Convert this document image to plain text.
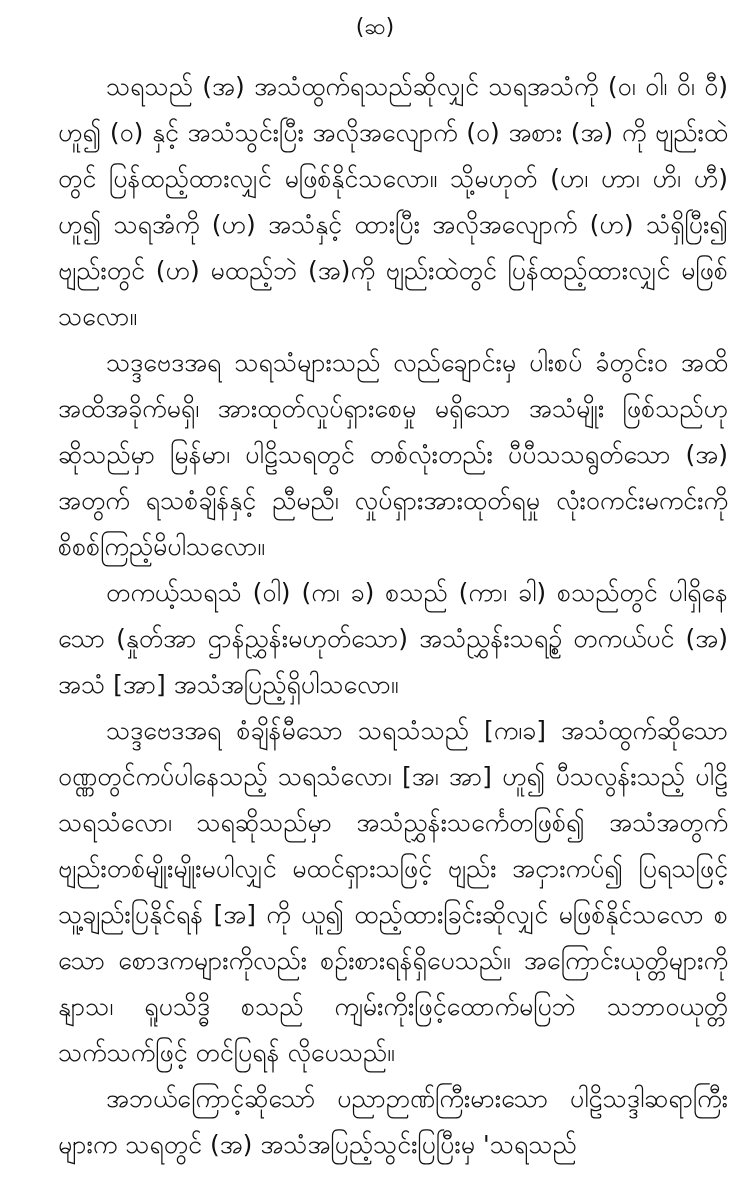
(ဆ)

သရသည် (အ) အသံထွက်ရသည်ဆိုလျှင် သရအသံကို (ဝ၊ ဝါ၊ ဝိ၊ ဝီ) ဟူ၍ (ဝ) နှင့် အသံသွင်းပြီး အလိုအလျောက် (ဝ) အစား (အ) ကို ဗျည်းထဲတွင် ပြန်ထည့်ထားလျှင် မဖြစ်နိုင်သလော။ သို့မဟုတ် (ဟ၊ ဟာ၊ ဟိ၊ ဟီ) ဟူ၍ သရအံကို (ဟ) အသံနှင့် ထားပြီး အလိုအလျောက် (ဟ) သံရှိပြီး၍ ဗျည်းတွင် (ဟ) မထည့်ဘဲ (အ)ကို ဗျည်းထဲတွင် ပြန်ထည့်ထားလျှင် မဖြစ်သလော။

သဒ္ဒဗေဒအရ သရသံများသည် လည်ချောင်းမှ ပါးစပ် ခံတွင်းဝ အထိ အထိအခိုက်မရှိ၊ အားထုတ်လှုပ်ရှားစေမှု မရှိသော အသံမျိုး ဖြစ်သည်ဟုဆိုသည်မှာ မြန်မာ၊ ပါဠိသရတွင် တစ်လုံးတည်း ပီပီသသရွတ်သော (အ) အတွက် ရသစံချိန်နှင့် ညီမညီ၊ လှုပ်ရှားအားထုတ်ရမှု လုံးဝကင်းမကင်းကို စိစစ်ကြည့်မိပါသလော။

တကယ့်သရသံ (ဝါ) (က၊ ခ) စသည် (ကာ၊ ခါ) စသည်တွင် ပါရှိနေသော (နှုတ်အာ ဌာန်ညွှန်းမဟုတ်သော) အသံညွှန်းသရဥ္စ် တကယ်ပင် (အ) အသံ [အာ] အသံအပြည့်ရှိပါသလော။

သဒ္ဒဗေဒအရ စံချိန်မီသော သရသံသည် [က၊ခ] အသံထွက်ဆိုသော ဝဏ္ဏတွင်ကပ်ပါနေသည့် သရသံလော၊ [အ၊ အာ] ဟူ၍ ပီသလွန်းသည့် ပါဠိသရသံလော၊ သရဆိုသည်မှာ အသံညွှန်းသင်္ကေတဖြစ်၍ အသံအတွက် ဗျည်းတစ်မျိုးမျိုးမပါလျှင် မထင်ရှားသဖြင့် ဗျည်း အငှားကပ်၍ ပြရသဖြင့် သူ့ချည်းပြနိုင်ရန် [အ] ကို ယူ၍ ထည့်ထားခြင်းဆိုလျှင် မဖြစ်နိုင်သလော စသော စောဒကများကိုလည်း စဉ်းစားရန်ရှိပေသည်။ အကြောင်းယုတ္တိများကို နျာသ၊ ရူပသိဒ္ဓိ စသည် ကျမ်းကိုးဖြင့်ထောက်မပြဘဲ သဘာဝယုတ္တိသက်သက်ဖြင့် တင်ပြရန် လိုပေသည်။

အဘယ်ကြောင့်ဆိုသော် ပညာဉာဏ်ကြီးမားသော ပါဠိသဒ္ဒါဆရာကြီးများက သရတွင် (အ) အသံအပြည့်သွင်းပြပြီးမှ 'သရသည်
